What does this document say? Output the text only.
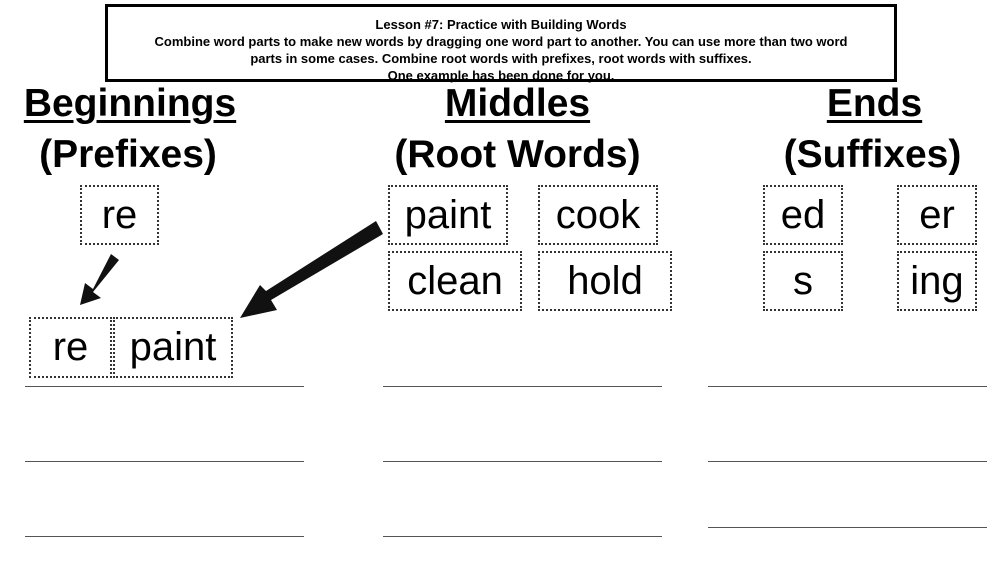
Lesson #7: Practice with Building Words
Combine word parts to make new words by dragging one word part to another. You can use more than two word
parts in some cases. Combine root words with prefixes, root words with suffixes.
One example has been done for you.
Beginnings
(Prefixes)
Middles
(Root Words)
Ends
(Suffixes)
re	paint	cook
clean	hold
ed	er
s	ing
re	paint
